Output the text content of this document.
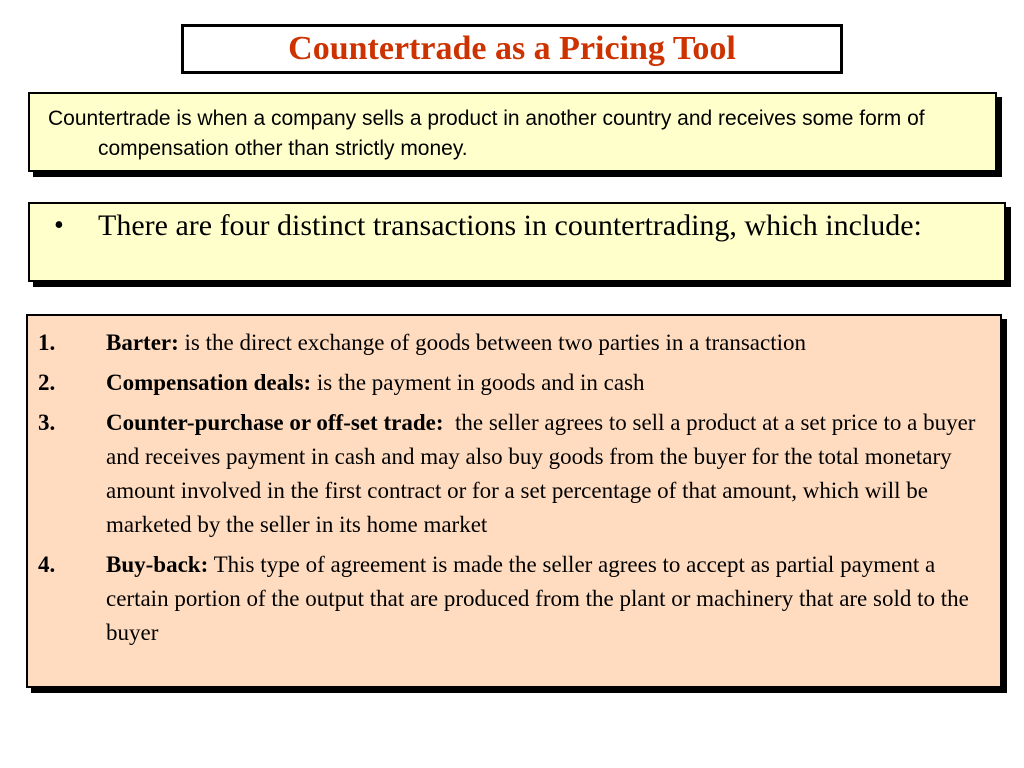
Countertrade as a Pricing Tool

Countertrade is when a company sells a product in another country and receives some form of compensation other than strictly money.

•	There are four distinct transactions in countertrading, which include:
1.	Barter: is the direct exchange of goods between two parties in a transaction
2.	Compensation deals: is the payment in goods and in cash
3.	Counter-purchase or off-set trade:  the seller agrees to sell a product at a set price to a buyer and receives payment in cash and may also buy goods from the buyer for the total monetary amount involved in the first contract or for a set percentage of that amount, which will be marketed by the seller in its home market
4.	Buy-back: This type of agreement is made the seller agrees to accept as partial payment a certain portion of the output that are produced from the plant or machinery that are sold to the buyer
